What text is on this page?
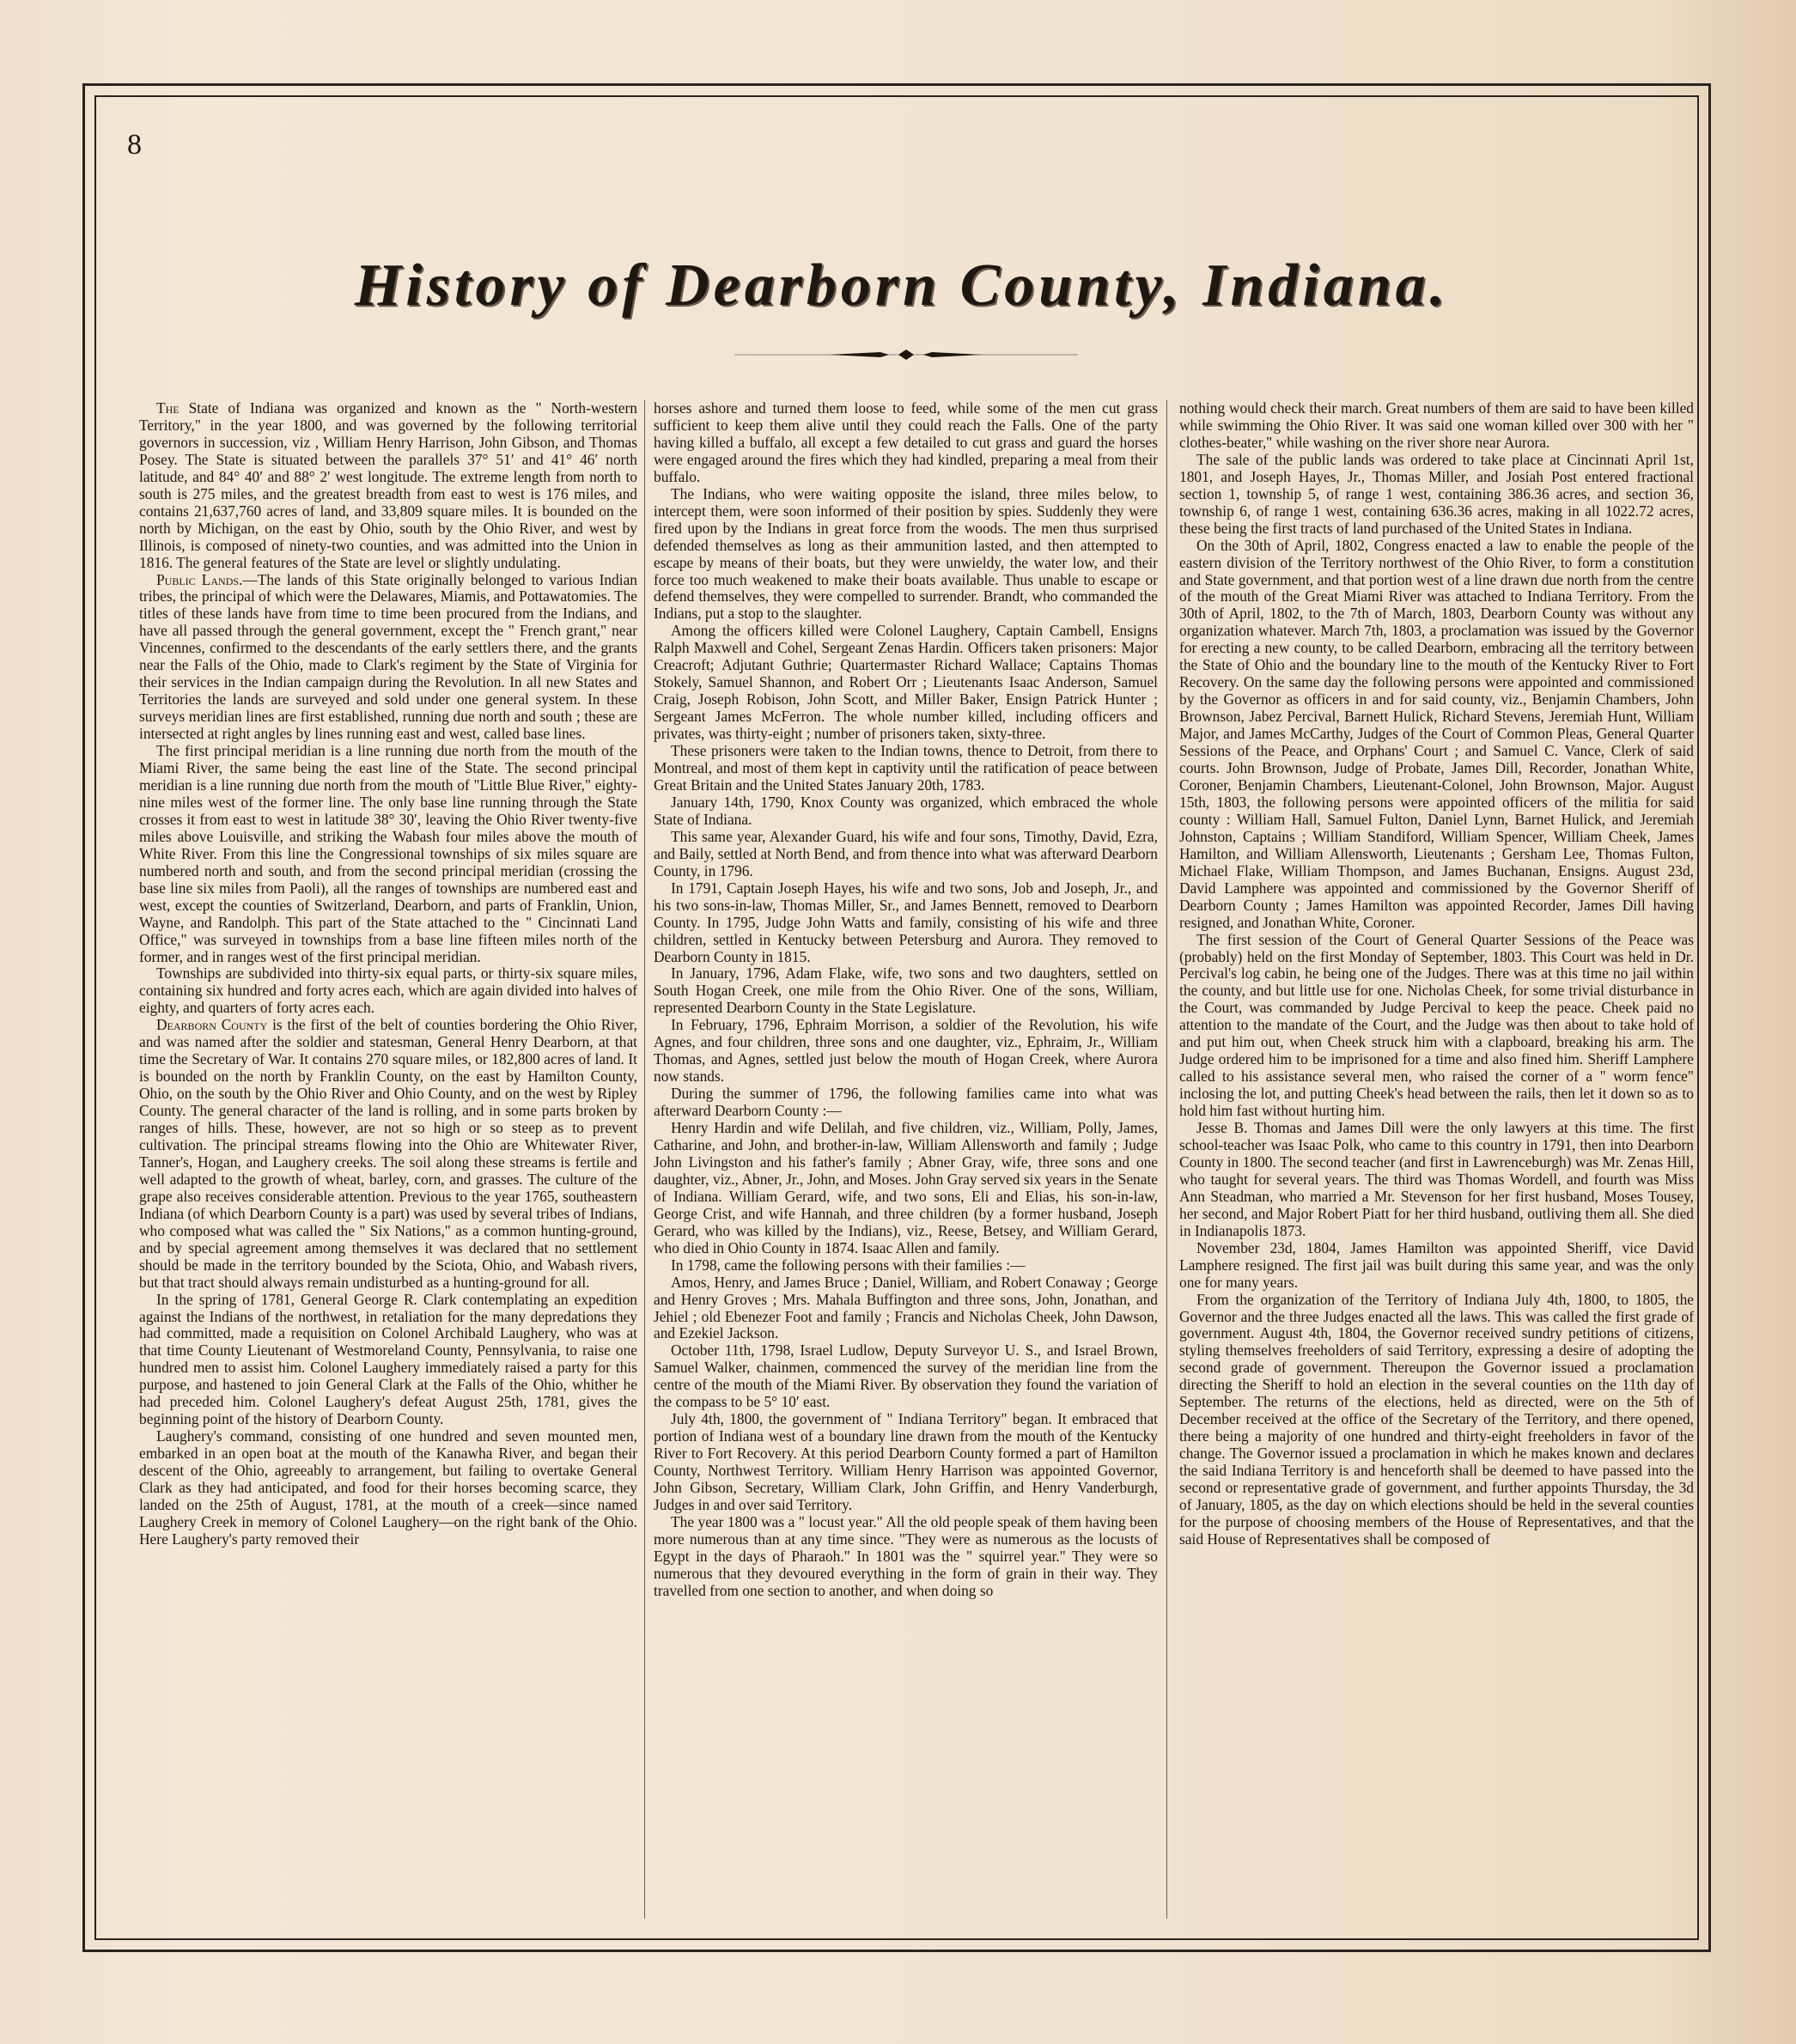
8
History of Dearborn County, Indiana.

The State of Indiana was organized and known as the " North-western Territory," in the year 1800, and was governed by the following territorial governors in succession, viz , William Henry Harrison, John Gibson, and Thomas Posey. The State is situated between the parallels 37° 51′ and 41° 46′ north latitude, and 84° 40′ and 88° 2′ west longitude. The extreme length from north to south is 275 miles, and the greatest breadth from east to west is 176 miles, and contains 21,637,760 acres of land, and 33,809 square miles. It is bounded on the north by Michigan, on the east by Ohio, south by the Ohio River, and west by Illinois, is composed of ninety-two counties, and was admitted into the Union in 1816. The general features of the State are level or slightly undulating.

Public Lands.—The lands of this State originally belonged to various Indian tribes, the principal of which were the Delawares, Miamis, and Pottawatomies. The titles of these lands have from time to time been procured from the Indians, and have all passed through the general government, except the " French grant," near Vincennes, confirmed to the descendants of the early settlers there, and the grants near the Falls of the Ohio, made to Clark's regiment by the State of Virginia for their services in the Indian campaign during the Revolution. In all new States and Territories the lands are surveyed and sold under one general system. In these surveys meridian lines are first established, running due north and south ; these are intersected at right angles by lines running east and west, called base lines.

The first principal meridian is a line running due north from the mouth of the Miami River, the same being the east line of the State. The second principal meridian is a line running due north from the mouth of "Little Blue River," eighty-nine miles west of the former line. The only base line running through the State crosses it from east to west in latitude 38° 30′, leaving the Ohio River twenty-five miles above Louisville, and striking the Wabash four miles above the mouth of White River. From this line the Congressional townships of six miles square are numbered north and south, and from the second principal meridian (crossing the base line six miles from Paoli), all the ranges of townships are numbered east and west, except the counties of Switzerland, Dearborn, and parts of Franklin, Union, Wayne, and Randolph. This part of the State attached to the " Cincinnati Land Office," was surveyed in townships from a base line fifteen miles north of the former, and in ranges west of the first principal meridian.

Townships are subdivided into thirty-six equal parts, or thirty-six square miles, containing six hundred and forty acres each, which are again divided into halves of eighty, and quarters of forty acres each.

Dearborn County is the first of the belt of counties bordering the Ohio River, and was named after the soldier and statesman, General Henry Dearborn, at that time the Secretary of War. It contains 270 square miles, or 182,800 acres of land. It is bounded on the north by Franklin County, on the east by Hamilton County, Ohio, on the south by the Ohio River and Ohio County, and on the west by Ripley County. The general character of the land is rolling, and in some parts broken by ranges of hills. These, however, are not so high or so steep as to prevent cultivation. The principal streams flowing into the Ohio are Whitewater River, Tanner's, Hogan, and Laughery creeks. The soil along these streams is fertile and well adapted to the growth of wheat, barley, corn, and grasses. The culture of the grape also receives considerable attention. Previous to the year 1765, southeastern Indiana (of which Dearborn County is a part) was used by several tribes of Indians, who composed what was called the " Six Nations," as a common hunting-ground, and by special agreement among themselves it was declared that no settlement should be made in the territory bounded by the Sciota, Ohio, and Wabash rivers, but that tract should always remain undisturbed as a hunting-ground for all.

In the spring of 1781, General George R. Clark contemplating an expedition against the Indians of the northwest, in retaliation for the many depredations they had committed, made a requisition on Colonel Archibald Laughery, who was at that time County Lieutenant of Westmoreland County, Pennsylvania, to raise one hundred men to assist him. Colonel Laughery immediately raised a party for this purpose, and hastened to join General Clark at the Falls of the Ohio, whither he had preceded him. Colonel Laughery's defeat August 25th, 1781, gives the beginning point of the history of Dearborn County.

Laughery's command, consisting of one hundred and seven mounted men, embarked in an open boat at the mouth of the Kanawha River, and began their descent of the Ohio, agreeably to arrangement, but failing to overtake General Clark as they had anticipated, and food for their horses becoming scarce, they landed on the 25th of August, 1781, at the mouth of a creek—since named Laughery Creek in memory of Colonel Laughery—on the right bank of the Ohio. Here Laughery's party removed their

horses ashore and turned them loose to feed, while some of the men cut grass sufficient to keep them alive until they could reach the Falls. One of the party having killed a buffalo, all except a few detailed to cut grass and guard the horses were engaged around the fires which they had kindled, preparing a meal from their buffalo.

The Indians, who were waiting opposite the island, three miles below, to intercept them, were soon informed of their position by spies. Suddenly they were fired upon by the Indians in great force from the woods. The men thus surprised defended themselves as long as their ammunition lasted, and then attempted to escape by means of their boats, but they were unwieldy, the water low, and their force too much weakened to make their boats available. Thus unable to escape or defend themselves, they were compelled to surrender. Brandt, who commanded the Indians, put a stop to the slaughter.

Among the officers killed were Colonel Laughery, Captain Cambell, Ensigns Ralph Maxwell and Cohel, Sergeant Zenas Hardin. Officers taken prisoners: Major Creacroft; Adjutant Guthrie; Quartermaster Richard Wallace; Captains Thomas Stokely, Samuel Shannon, and Robert Orr ; Lieutenants Isaac Anderson, Samuel Craig, Joseph Robison, John Scott, and Miller Baker, Ensign Patrick Hunter ; Sergeant James McFerron. The whole number killed, including officers and privates, was thirty-eight ; number of prisoners taken, sixty-three.

These prisoners were taken to the Indian towns, thence to Detroit, from there to Montreal, and most of them kept in captivity until the ratification of peace between Great Britain and the United States January 20th, 1783.

January 14th, 1790, Knox County was organized, which embraced the whole State of Indiana.

This same year, Alexander Guard, his wife and four sons, Timothy, David, Ezra, and Baily, settled at North Bend, and from thence into what was afterward Dearborn County, in 1796.

In 1791, Captain Joseph Hayes, his wife and two sons, Job and Joseph, Jr., and his two sons-in-law, Thomas Miller, Sr., and James Bennett, removed to Dearborn County. In 1795, Judge John Watts and family, consisting of his wife and three children, settled in Kentucky between Petersburg and Aurora. They removed to Dearborn County in 1815.

In January, 1796, Adam Flake, wife, two sons and two daughters, settled on South Hogan Creek, one mile from the Ohio River. One of the sons, William, represented Dearborn County in the State Legislature.

In February, 1796, Ephraim Morrison, a soldier of the Revolution, his wife Agnes, and four children, three sons and one daughter, viz., Ephraim, Jr., William Thomas, and Agnes, settled just below the mouth of Hogan Creek, where Aurora now stands.

During the summer of 1796, the following families came into what was afterward Dearborn County :—

Henry Hardin and wife Delilah, and five children, viz., William, Polly, James, Catharine, and John, and brother-in-law, William Allensworth and family ; Judge John Livingston and his father's family ; Abner Gray, wife, three sons and one daughter, viz., Abner, Jr., John, and Moses. John Gray served six years in the Senate of Indiana. William Gerard, wife, and two sons, Eli and Elias, his son-in-law, George Crist, and wife Hannah, and three children (by a former husband, Joseph Gerard, who was killed by the Indians), viz., Reese, Betsey, and William Gerard, who died in Ohio County in 1874. Isaac Allen and family.

In 1798, came the following persons with their families :—

Amos, Henry, and James Bruce ; Daniel, William, and Robert Conaway ; George and Henry Groves ; Mrs. Mahala Buffington and three sons, John, Jonathan, and Jehiel ; old Ebenezer Foot and family ; Francis and Nicholas Cheek, John Dawson, and Ezekiel Jackson.

October 11th, 1798, Israel Ludlow, Deputy Surveyor U. S., and Israel Brown, Samuel Walker, chainmen, commenced the survey of the meridian line from the centre of the mouth of the Miami River. By observation they found the variation of the compass to be 5° 10′ east.

July 4th, 1800, the government of " Indiana Territory" began. It embraced that portion of Indiana west of a boundary line drawn from the mouth of the Kentucky River to Fort Recovery. At this period Dearborn County formed a part of Hamilton County, Northwest Territory. William Henry Harrison was appointed Governor, John Gibson, Secretary, William Clark, John Griffin, and Henry Vanderburgh, Judges in and over said Territory.

The year 1800 was a " locust year." All the old people speak of them having been more numerous than at any time since. "They were as numerous as the locusts of Egypt in the days of Pharaoh." In 1801 was the " squirrel year." They were so numerous that they devoured everything in the form of grain in their way. They travelled from one section to another, and when doing so

nothing would check their march. Great numbers of them are said to have been killed while swimming the Ohio River. It was said one woman killed over 300 with her " clothes-beater," while washing on the river shore near Aurora.

The sale of the public lands was ordered to take place at Cincinnati April 1st, 1801, and Joseph Hayes, Jr., Thomas Miller, and Josiah Post entered fractional section 1, township 5, of range 1 west, containing 386.36 acres, and section 36, township 6, of range 1 west, containing 636.36 acres, making in all 1022.72 acres, these being the first tracts of land purchased of the United States in Indiana.

On the 30th of April, 1802, Congress enacted a law to enable the people of the eastern division of the Territory northwest of the Ohio River, to form a constitution and State government, and that portion west of a line drawn due north from the centre of the mouth of the Great Miami River was attached to Indiana Territory. From the 30th of April, 1802, to the 7th of March, 1803, Dearborn County was without any organization whatever. March 7th, 1803, a proclamation was issued by the Governor for erecting a new county, to be called Dearborn, embracing all the territory between the State of Ohio and the boundary line to the mouth of the Kentucky River to Fort Recovery. On the same day the following persons were appointed and commissioned by the Governor as officers in and for said county, viz., Benjamin Chambers, John Brownson, Jabez Percival, Barnett Hulick, Richard Stevens, Jeremiah Hunt, William Major, and James McCarthy, Judges of the Court of Common Pleas, General Quarter Sessions of the Peace, and Orphans' Court ; and Samuel C. Vance, Clerk of said courts. John Brownson, Judge of Probate, James Dill, Recorder, Jonathan White, Coroner, Benjamin Chambers, Lieutenant-Colonel, John Brownson, Major. August 15th, 1803, the following persons were appointed officers of the militia for said county : William Hall, Samuel Fulton, Daniel Lynn, Barnet Hulick, and Jeremiah Johnston, Captains ; William Standiford, William Spencer, William Cheek, James Hamilton, and William Allensworth, Lieutenants ; Gersham Lee, Thomas Fulton, Michael Flake, William Thompson, and James Buchanan, Ensigns. August 23d, David Lamphere was appointed and commissioned by the Governor Sheriff of Dearborn County ; James Hamilton was appointed Recorder, James Dill having resigned, and Jonathan White, Coroner.

The first session of the Court of General Quarter Sessions of the Peace was (probably) held on the first Monday of September, 1803. This Court was held in Dr. Percival's log cabin, he being one of the Judges. There was at this time no jail within the county, and but little use for one. Nicholas Cheek, for some trivial disturbance in the Court, was commanded by Judge Percival to keep the peace. Cheek paid no attention to the mandate of the Court, and the Judge was then about to take hold of and put him out, when Cheek struck him with a clapboard, breaking his arm. The Judge ordered him to be imprisoned for a time and also fined him. Sheriff Lamphere called to his assistance several men, who raised the corner of a " worm fence" inclosing the lot, and putting Cheek's head between the rails, then let it down so as to hold him fast without hurting him.

Jesse B. Thomas and James Dill were the only lawyers at this time. The first school-teacher was Isaac Polk, who came to this country in 1791, then into Dearborn County in 1800. The second teacher (and first in Lawrenceburgh) was Mr. Zenas Hill, who taught for several years. The third was Thomas Wordell, and fourth was Miss Ann Steadman, who married a Mr. Stevenson for her first husband, Moses Tousey, her second, and Major Robert Piatt for her third husband, outliving them all. She died in Indianapolis 1873.

November 23d, 1804, James Hamilton was appointed Sheriff, vice David Lamphere resigned. The first jail was built during this same year, and was the only one for many years.

From the organization of the Territory of Indiana July 4th, 1800, to 1805, the Governor and the three Judges enacted all the laws. This was called the first grade of government. August 4th, 1804, the Governor received sundry petitions of citizens, styling themselves freeholders of said Territory, expressing a desire of adopting the second grade of government. Thereupon the Governor issued a proclamation directing the Sheriff to hold an election in the several counties on the 11th day of September. The returns of the elections, held as directed, were on the 5th of December received at the office of the Secretary of the Territory, and there opened, there being a majority of one hundred and thirty-eight freeholders in favor of the change. The Governor issued a proclamation in which he makes known and declares the said Indiana Territory is and henceforth shall be deemed to have passed into the second or representative grade of government, and further appoints Thursday, the 3d of January, 1805, as the day on which elections should be held in the several counties for the purpose of choosing members of the House of Representatives, and that the said House of Representatives shall be composed of
